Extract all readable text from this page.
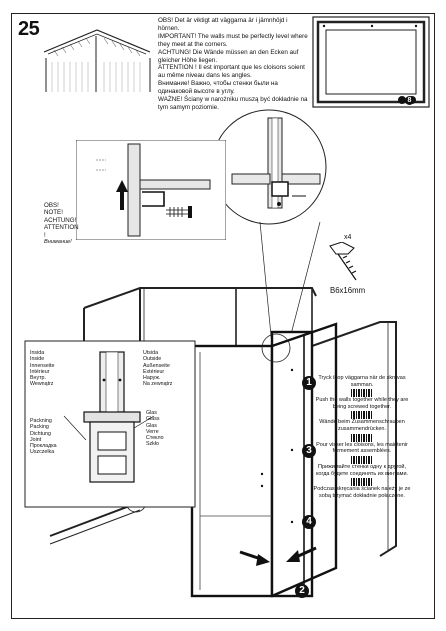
25	OBS! Det är viktigt att väggarna är i jämnhöjd i hörnen.
IMPORTANT! The walls must be perfectly level where they meet at the corners.
ACHTUNG! Die Wände müssen an den Ecken auf gleicher Höhe liegen.
ATTENTION ! Il est important que les cloisons soient au même niveau dans les angles.
Внимание! Важно, чтобы стенки были на одинаковой высоте в углу.
WAŻNE! Ściany w narożniku muszą być dokładnie na tym samym poziomie.
8

OBS!
NOTE!
ACHTUNG!
ATTENTION
!

Внимание!

x4
B6x16mm
1
3
4
2
Insida
Inside
Innenseite
Intérieur
Внутр.
Wewnątrz
Utsida
Outside
Außenseite
Extérieur
Наруж.
Na zewnątrz
Packning
Packing
Dichtung
Joint
Прокладка
Uszczelka
Glas
Glass
Glas
Verre
Стекло
Szkło

Tryck ihop väggarna när de skruvas samman.

Push the walls together while they are being screwed together.

Wände beim Zusammenschrauben zusammendrücken.

Pour visser les cloisons, les maintenir fermement assemblées.

Прижимайте стенки одну к другой, когда будете соединять их винтами.

Podczas skręcania ścianek należy je ze sobą trzymać dokładnie połączone.
